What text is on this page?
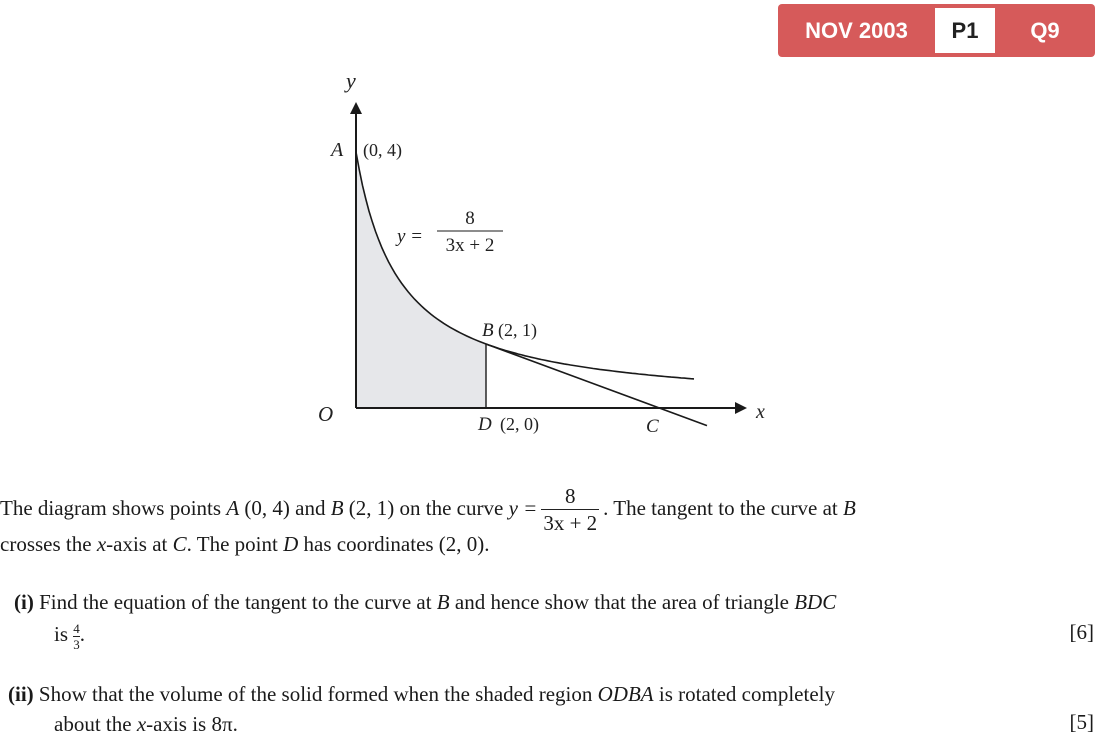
NOV 2003	P1	Q9
y
x
O
A (0, 4)
y =
8
3x + 2
B (2, 1)
D (2, 0)	C
The diagram shows points A (0, 4) and B (2, 1) on the curve $y = \frac{8}{3x + 2}$ . The tangent to the curve at B
crosses the x-axis at C. The point D has coordinates (2, 0).
(i) Find the equation of the tangent to the curve at B and hence show that the area of triangle BDC
is $\frac{4}{3}$ .	[6]
(ii) Show that the volume of the solid formed when the shaded region ODBA is rotated completely
about the x-axis is 8π.	[5]
